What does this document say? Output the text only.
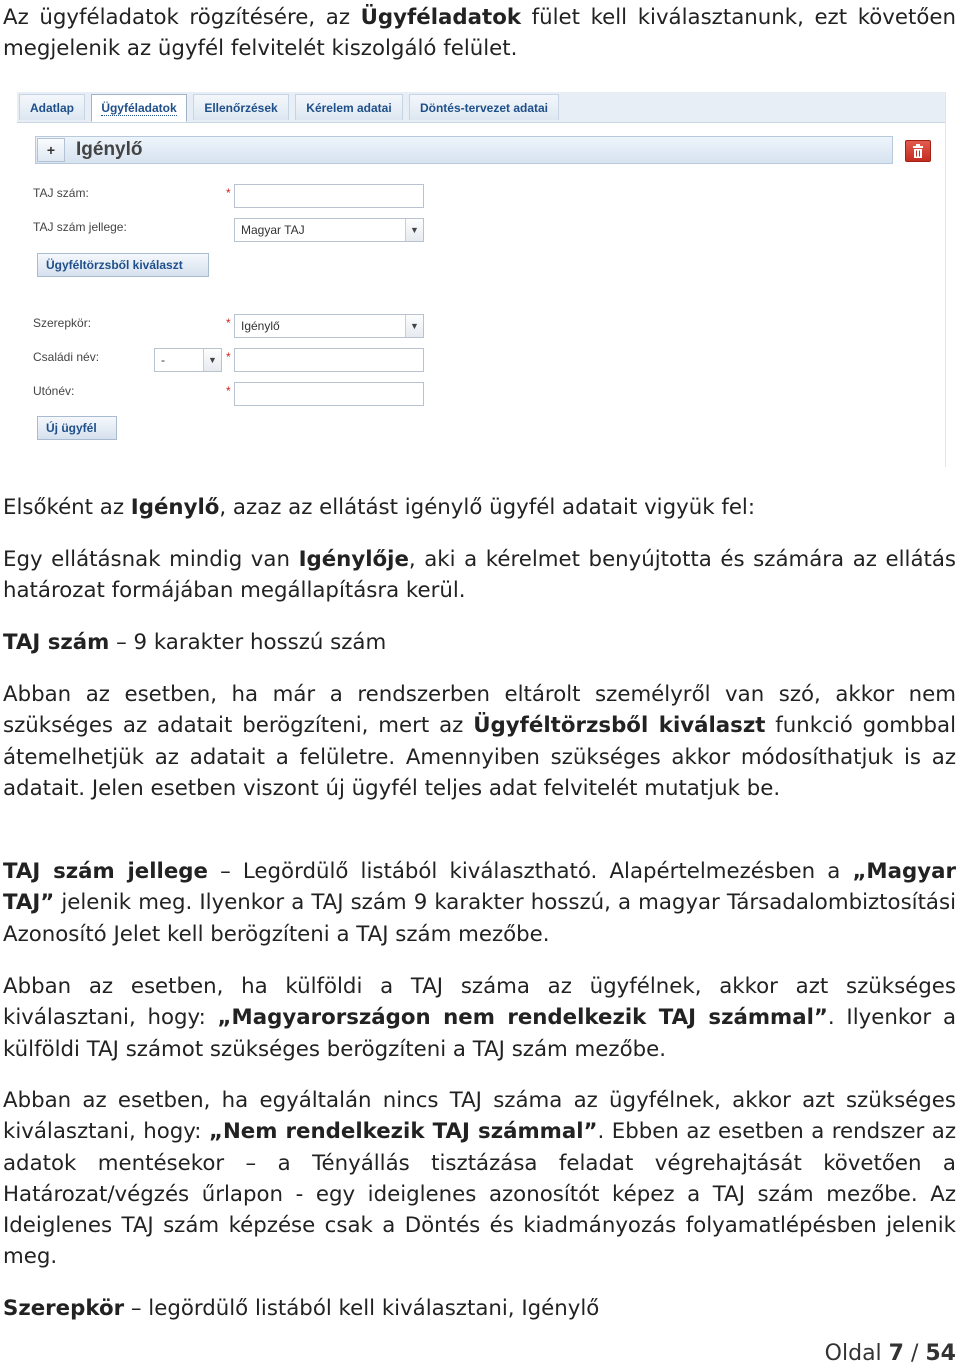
Az ügyféladatok rögzítésére, az Ügyféladatok fület kell kiválasztanunk, ezt követően megjelenik az ügyfél felvitelét kiszolgáló felület.

Adatlap	Ügyféladatok	Ellenőrzések	Kérelem adatai	Döntés-tervezet adatai
+	Igénylő
TAJ szám:	*
TAJ szám jellege:	Magyar TAJ	▼
Ügyféltörzsből kiválaszt
Szerepkör:	* Igénylő	▼
Családi név:	-	▼ *
Utónév:	*
Új ügyfél

Elsőként az Igénylő, azaz az ellátást igénylő ügyfél adatait vigyük fel:

Egy ellátásnak mindig van Igénylője, aki a kérelmet benyújtotta és számára az ellátás határozat formájában megállapításra kerül.

TAJ szám – 9 karakter hosszú szám

Abban az esetben, ha már a rendszerben eltárolt személyről van szó, akkor nem szükséges az adatait berögzíteni, mert az Ügyféltörzsből kiválaszt funkció gombbal átemelhetjük az adatait a felületre. Amennyiben szükséges akkor módosíthatjuk is az adatait. Jelen esetben viszont új ügyfél teljes adat felvitelét mutatjuk be.

TAJ szám jellege – Legördülő listából kiválasztható. Alapértelmezésben a „Magyar TAJ” jelenik meg. Ilyenkor a TAJ szám 9 karakter hosszú, a magyar Társadalombiztosítási Azonosító Jelet kell berögzíteni a TAJ szám mezőbe.

Abban az esetben, ha külföldi a TAJ száma az ügyfélnek, akkor azt szükséges kiválasztani, hogy: „Magyarországon nem rendelkezik TAJ számmal”. Ilyenkor a külföldi TAJ számot szükséges berögzíteni a TAJ szám mezőbe.

Abban az esetben, ha egyáltalán nincs TAJ száma az ügyfélnek, akkor azt szükséges kiválasztani, hogy: „Nem rendelkezik TAJ számmal”. Ebben az esetben a rendszer az adatok mentésekor – a Tényállás tisztázása feladat végrehajtását követően a Határozat/végzés űrlapon - egy ideiglenes azonosítót képez a TAJ szám mezőbe. Az Ideiglenes TAJ szám képzése csak a Döntés és kiadmányozás folyamatlépésben jelenik meg.

Szerepkör – legördülő listából kell kiválasztani, Igénylő

Oldal 7 / 54
